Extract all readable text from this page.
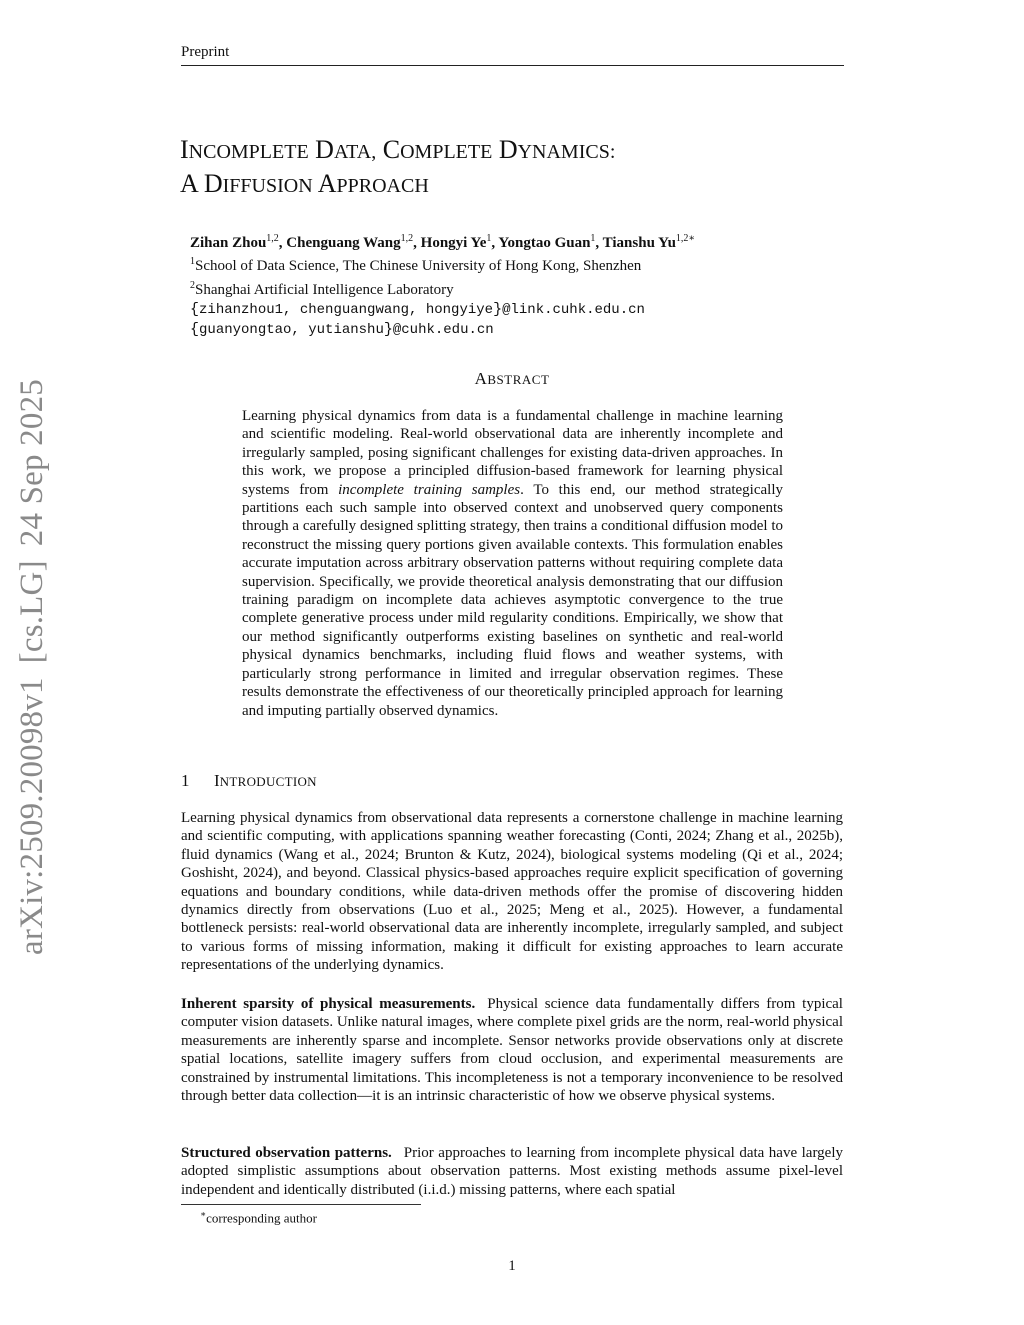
Preprint
arXiv:2509.20098v1[cs.LG]24 Sep 2025
INCOMPLETE DATA, COMPLETE DYNAMICS:
A DIFFUSION APPROACH
Zihan Zhou$^{1,2}$, Chenguang Wang$^{1,2}$, Hongyi Ye$^1$, Yongtao Guan$^1$, Tianshu $Yu^{1,2∗}$
$^1$School of Data Science, The Chinese University of Hong Kong, Shenzhen
$^2$Shanghai Artificial Intelligence Laboratory
{zihanzhou1, chenguangwang, hongyiye}@link.cuhk.edu.cn
{guanyongtao, yutianshu}@cuhk.edu.cn
ABSTRACT
Learning physical dynamics from data is a fundamental challenge in machine learning and scientific modeling. Real-world observational data are inherently incomplete and irregularly sampled, posing significant challenges for existing data-driven approaches. In this work, we propose a principled diffusion-based framework for learning physical systems from incomplete training samples. To this end, our method strategically partitions each such sample into observed context and unobserved query components through a carefully designed splitting strategy, then trains a conditional diffusion model to reconstruct the missing query portions given available contexts. This formulation enables accurate imputation across arbitrary observation patterns without requiring complete data supervision. Specifically, we provide theoretical analysis demonstrating that our diffusion training paradigm on incomplete data achieves asymptotic convergence to the true complete generative process under mild regularity conditions. Empirically, we show that our method significantly outperforms existing baselines on synthetic and real-world physical dynamics benchmarks, including fluid flows and weather systems, with particularly strong performance in limited and irregular observation regimes. These results demonstrate the effectiveness of our theoretically principled approach for learning and imputing partially observed dynamics.
1 INTRODUCTION
Learning physical dynamics from observational data represents a cornerstone challenge in machine learning and scientific computing, with applications spanning weather forecasting (Conti, 2024; Zhang et al., 2025b), fluid dynamics (Wang et al., 2024; Brunton & Kutz, 2024), biological systems modeling (Qi et al., 2024; Goshisht, 2024), and beyond. Classical physics-based approaches require explicit specification of governing equations and boundary conditions, while data-driven methods offer the promise of discovering hidden dynamics directly from observations (Luo et al., 2025; Meng et al., 2025). However, a fundamental bottleneck persists: real-world observational data are inherently incomplete, irregularly sampled, and subject to various forms of missing information, making it difficult for existing approaches to learn accurate representations of the underlying dynamics.
Inherent sparsity of physical measurements. Physical science data fundamentally differs from typical computer vision datasets. Unlike natural images, where complete pixel grids are the norm, real-world physical measurements are inherently sparse and incomplete. Sensor networks provide observations only at discrete spatial locations, satellite imagery suffers from cloud occlusion, and experimental measurements are constrained by instrumental limitations. This incompleteness is not a temporary inconvenience to be resolved through better data collection—it is an intrinsic characteristic of how we observe physical systems.
Structured observation patterns. Prior approaches to learning from incomplete physical data have largely adopted simplistic assumptions about observation patterns. Most existing methods assume pixel-level independent and identically distributed (i.i.d.) missing patterns, where each spatial
∗corresponding author
1
